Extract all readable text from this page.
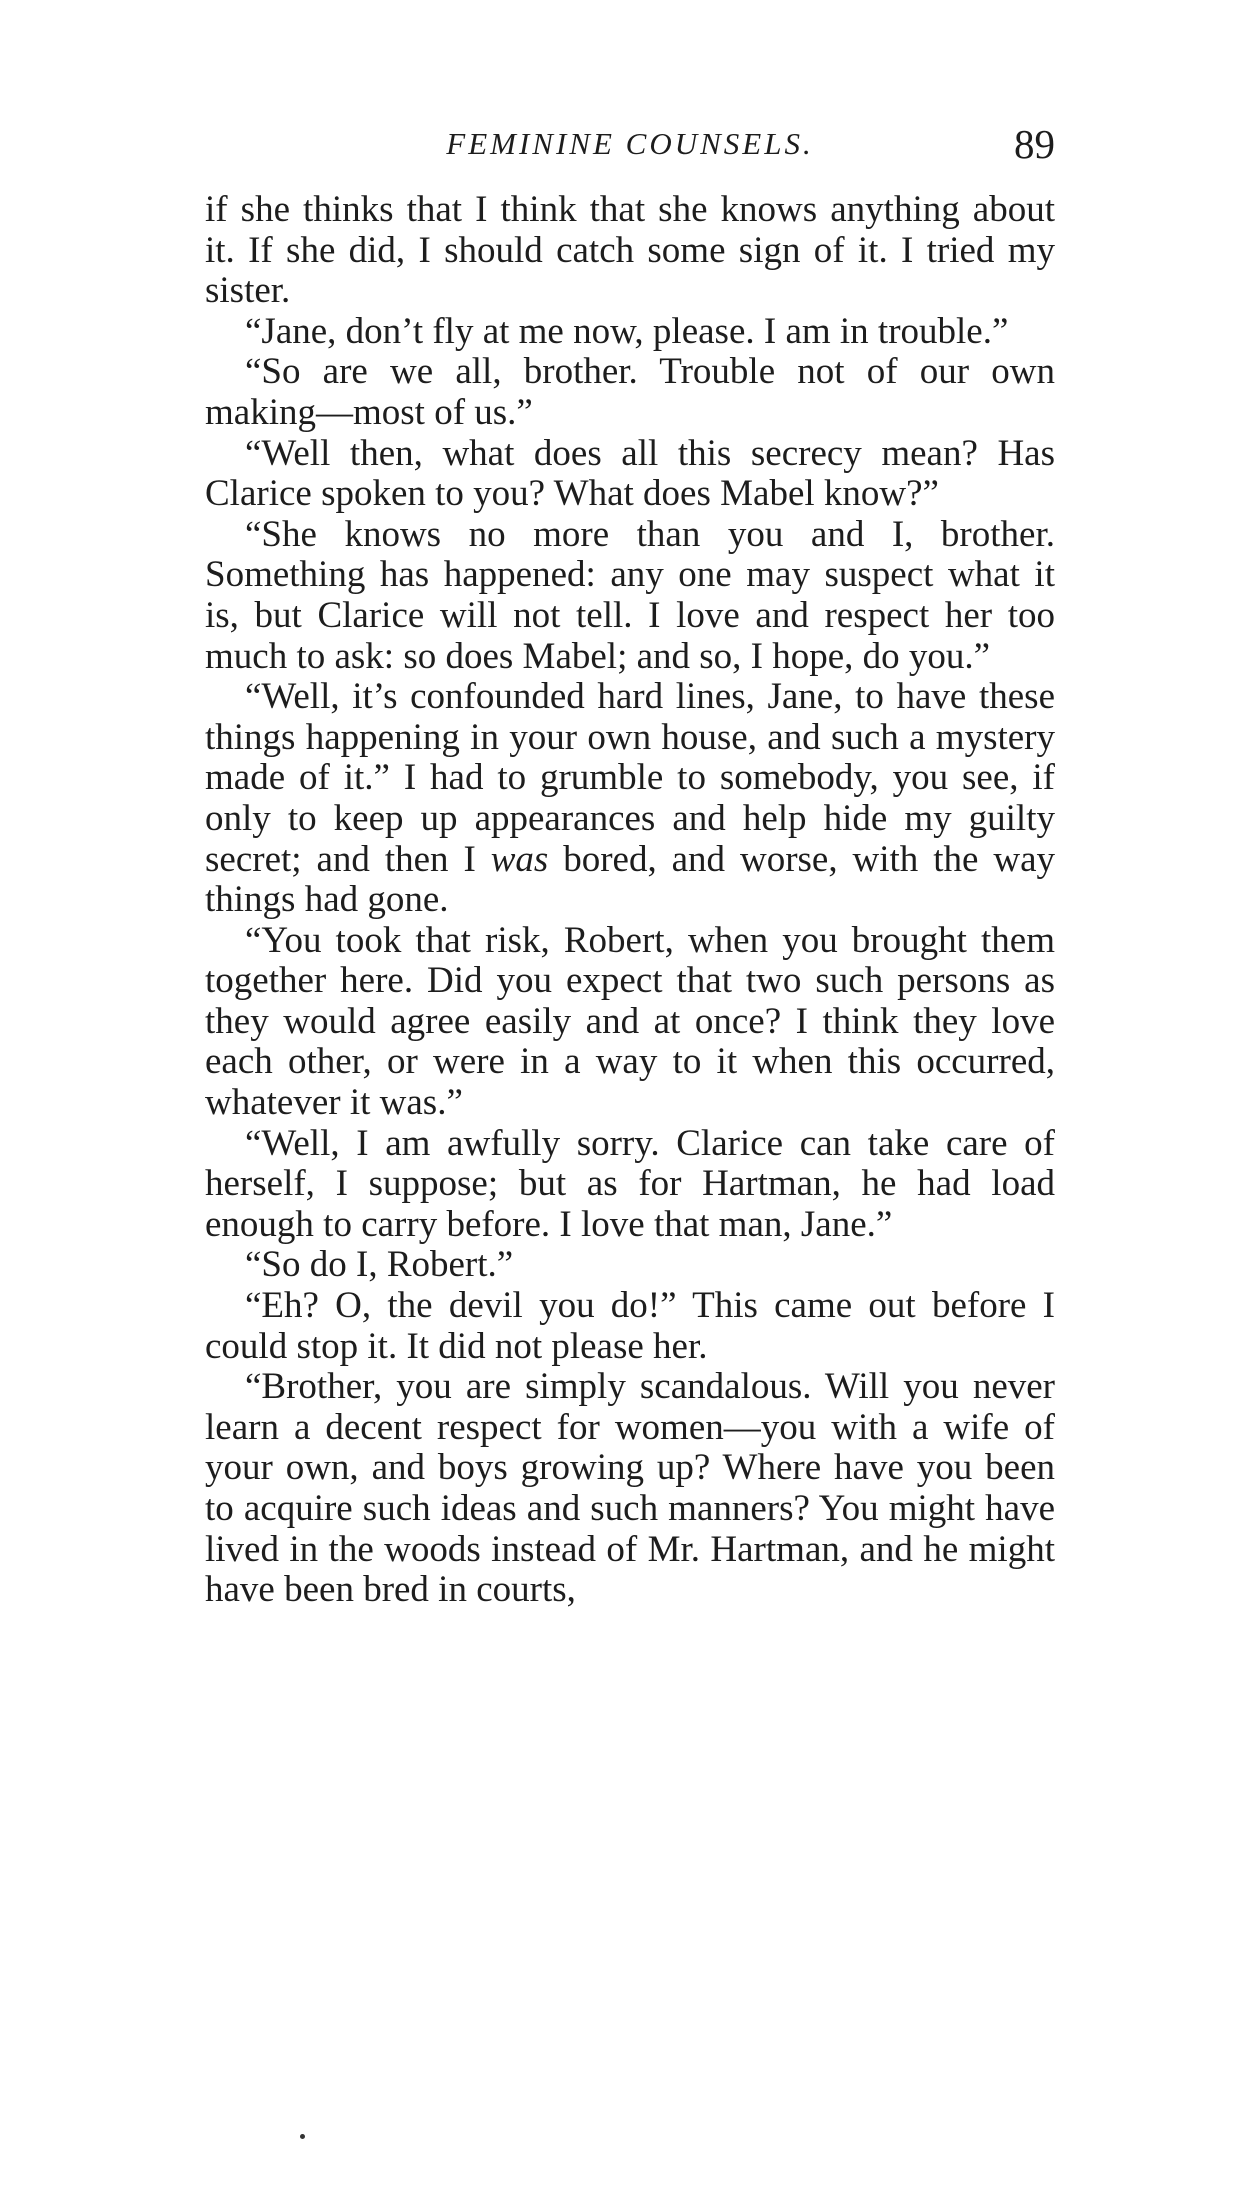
FEMININE COUNSELS.	89

if she thinks that I think that she knows anything about it. If she did, I should catch some sign of it. I tried my sister.

“Jane, don’t fly at me now, please. I am in trouble.”

“So are we all, brother. Trouble not of our own making—most of us.”

“Well then, what does all this secrecy mean? Has Clarice spoken to you? What does Mabel know?”

“She knows no more than you and I, brother. Something has happened: any one may suspect what it is, but Clarice will not tell. I love and respect her too much to ask: so does Mabel; and so, I hope, do you.”

“Well, it’s confounded hard lines, Jane, to have these things happening in your own house, and such a mystery made of it.” I had to grumble to somebody, you see, if only to keep up appearances and help hide my guilty secret; and then I was bored, and worse, with the way things had gone.

“You took that risk, Robert, when you brought them together here. Did you expect that two such persons as they would agree easily and at once? I think they love each other, or were in a way to it when this occurred, whatever it was.”

“Well, I am awfully sorry. Clarice can take care of herself, I suppose; but as for Hartman, he had load enough to carry before. I love that man, Jane.”

“So do I, Robert.”

“Eh? O, the devil you do!” This came out before I could stop it. It did not please her.

“Brother, you are simply scandalous. Will you never learn a decent respect for women—you with a wife of your own, and boys growing up? Where have you been to acquire such ideas and such manners? You might have lived in the woods instead of Mr. Hartman, and he might have been bred in courts,
